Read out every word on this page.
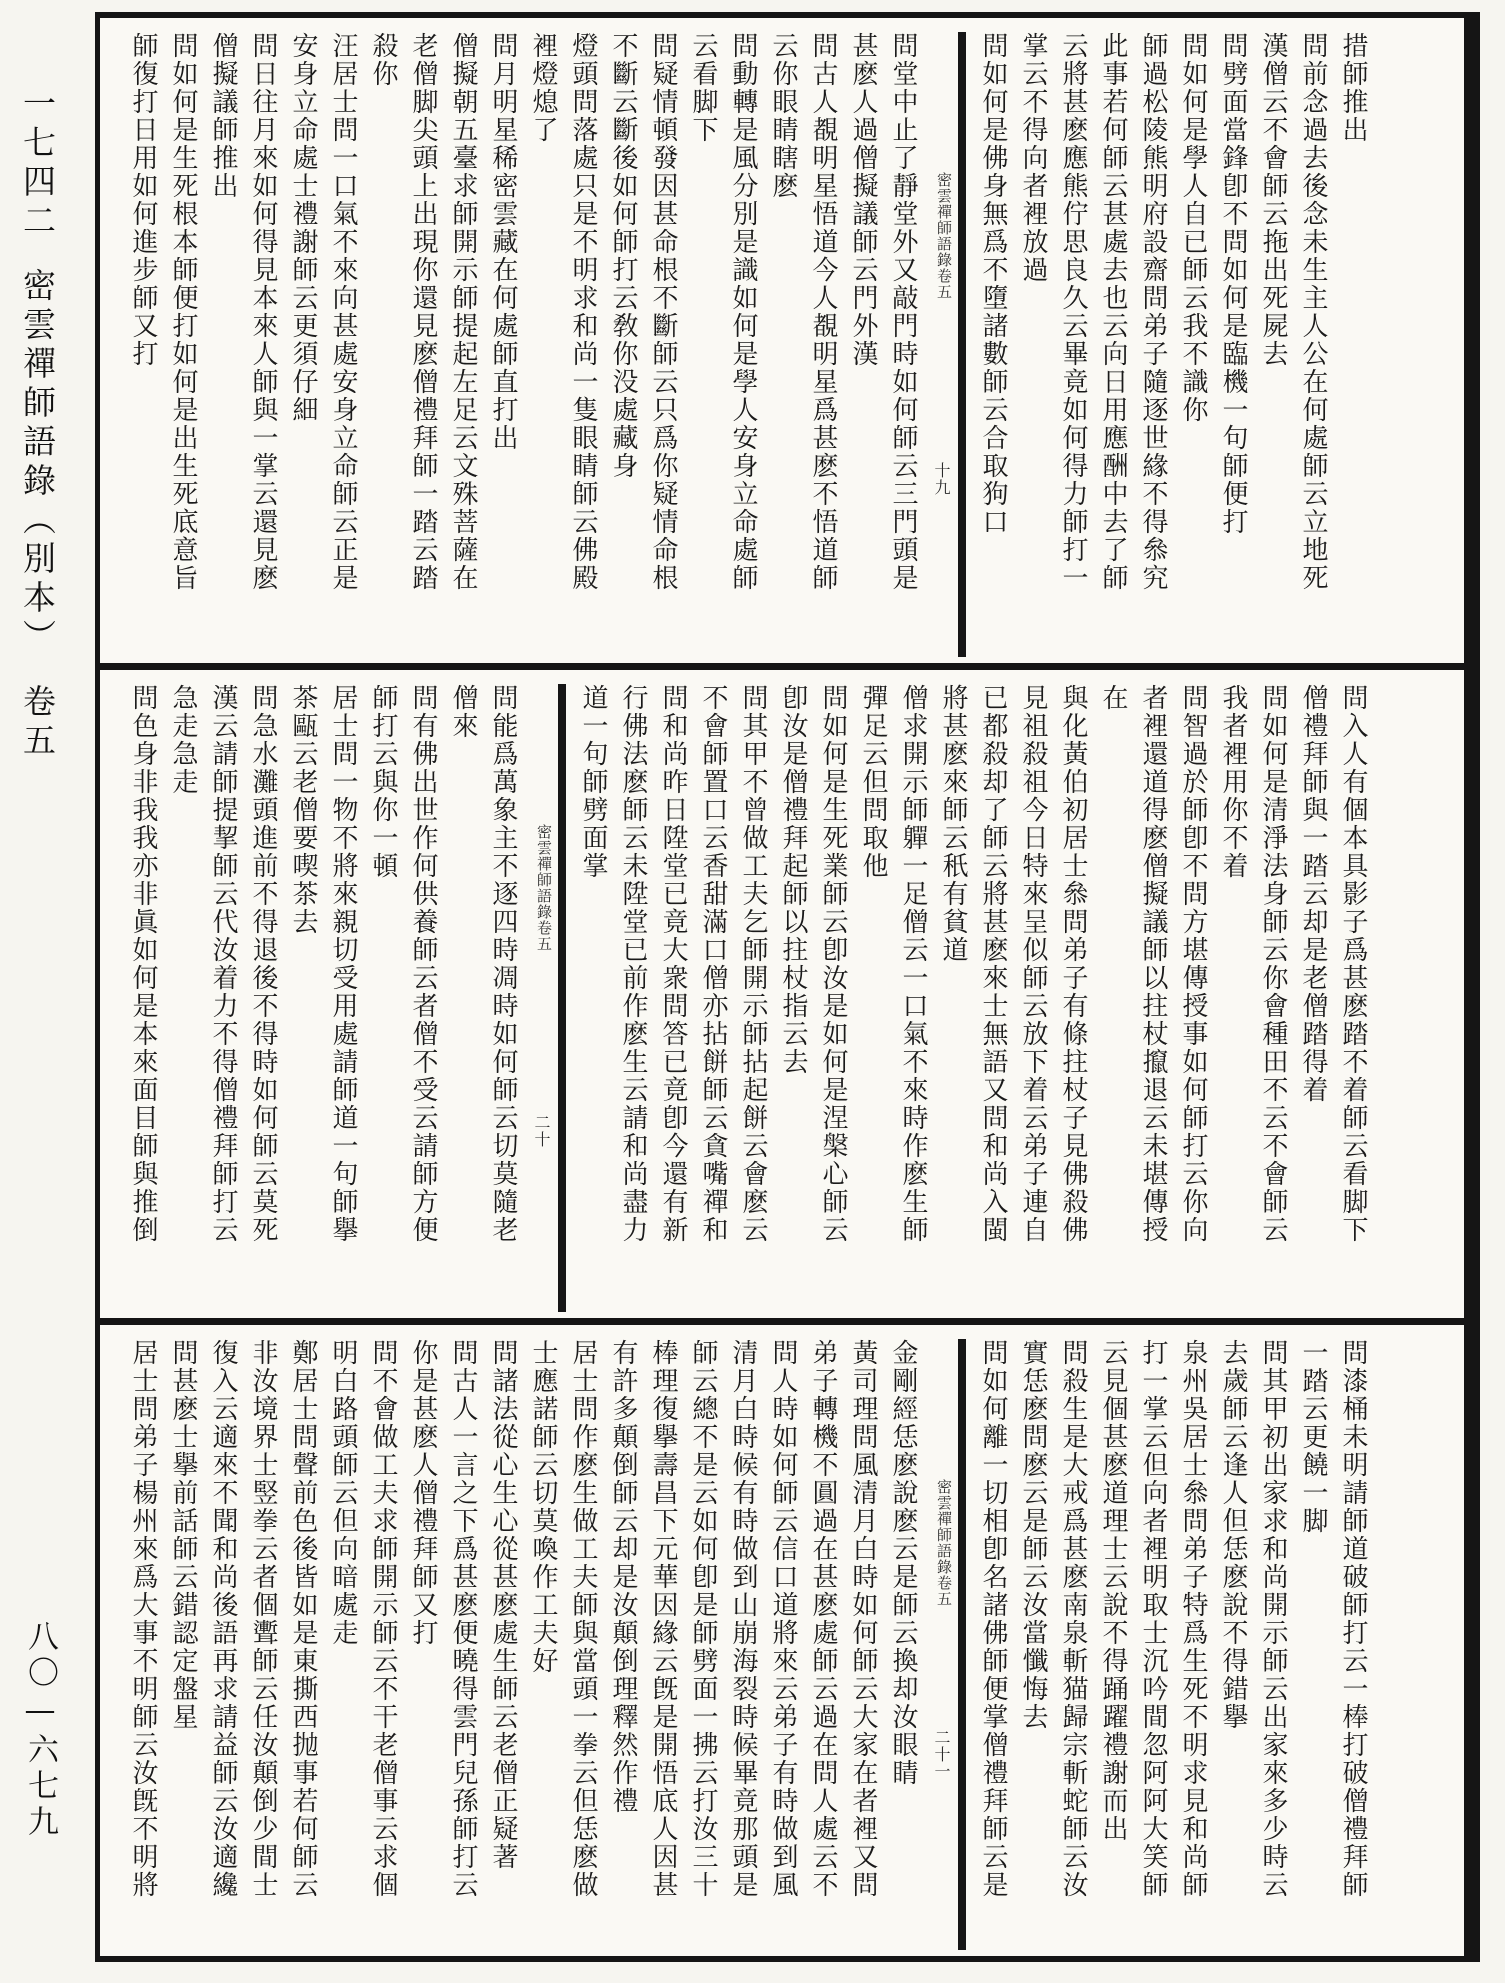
一七四二密雲禪師語錄（別本）卷五
八〇—六七九
措師推出
問前念過去後念未生主人公在何處師云立地死
漢僧云不會師云拖出死屍去
問劈面當鋒卽不問如何是臨機一句師便打
問如何是學人自已師云我不識你
師過松陵熊明府設齋問弟子隨逐世緣不得叅究
此事若何師云甚處去也云向日用應酬中去了師
云將甚麽應熊佇思良久云畢竟如何得力師打一
掌云不得向者裡放過
問如何是佛身無爲不墮諸數師云合取狗口
密雲禪師語錄卷五
十九
問堂中止了靜堂外又敲門時如何師云三門頭是
甚麽人過僧擬議師云門外漢
問古人覩明星悟道今人覩明星爲甚麽不悟道師
云你眼睛瞎麽
問動轉是風分別是識如何是學人安身立命處師
云看脚下
問疑情頓發因甚命根不斷師云只爲你疑情命根
不斷云斷後如何師打云敎你没處藏身
燈頭問落處只是不明求和尚一隻眼睛師云佛殿
裡燈熄了
問月明星稀密雲藏在何處師直打出
僧擬朝五臺求師開示師提起左足云文殊菩薩在
老僧脚尖頭上出現你還見麽僧禮拜師一踏云踏
殺你
汪居士問一口氣不來向甚處安身立命師云正是
安身立命處士禮謝師云更須仔細
問日往月來如何得見本來人師與一掌云還見麽
僧擬議師推出
問如何是生死根本師便打如何是出生死底意旨
師復打日用如何進步師又打
問入人有個本具影子爲甚麽踏不着師云看脚下
僧禮拜師與一踏云却是老僧踏得着
問如何是清淨法身師云你會種田不云不會師云
我者裡用你不着
問智過於師卽不問方堪傳授事如何師打云你向
者裡還道得麽僧擬議師以拄杖攛退云未堪傳授
在
與化黃伯初居士叅問弟子有條拄杖子見佛殺佛
見祖殺祖今日特來呈似師云放下着云弟子連自
已都殺却了師云將甚麽來士無語又問和尚入閩
將甚麽來師云秖有貧道
僧求開示師軃一足僧云一口氣不來時作麽生師
彈足云但問取他
問如何是生死業師云卽汝是如何是涅槃心師云
卽汝是僧禮拜起師以拄杖指云去
問其甲不曾做工夫乞師開示師拈起餅云會麽云
不會師置口云香甜滿口僧亦拈餅師云貪嘴禪和
問和尚昨日陞堂已竟大衆問答已竟卽今還有新
行佛法麽師云未陞堂已前作麽生云請和尚盡力
道一句師劈面掌
密雲禪師語錄卷五
二十
問能爲萬象主不逐四時凋時如何師云切莫隨老
僧來
問有佛出世作何供養師云者僧不受云請師方便
師打云與你一頓
居士問一物不將來親切受用處請師道一句師擧
茶甌云老僧要喫茶去
問急水灘頭進前不得退後不得時如何師云莫死
漢云請師提挈師云代汝着力不得僧禮拜師打云
急走急走
問色身非我我亦非眞如何是本來面目師與推倒
問漆桶未明請師道破師打云一棒打破僧禮拜師
一踏云更饒一脚
問其甲初出家求和尚開示師云出家來多少時云
去歲師云逢人但恁麽說不得錯擧
泉州吳居士叅問弟子特爲生死不明求見和尚師
打一掌云但向者裡明取士沉吟間忽阿阿大笑師
云見個甚麽道理士云說不得踊躍禮謝而出
問殺生是大戒爲甚麽南泉斬猫歸宗斬蛇師云汝
實恁麽問麽云是師云汝當懺悔去
問如何離一切相卽名諸佛師便掌僧禮拜師云是
密雲禪師語錄卷五
二十一
金剛經恁麽說麽云是師云換却汝眼睛
黃司理問風清月白時如何師云大家在者裡又問
弟子轉機不圓過在甚麽處師云過在問人處云不
問人時如何師云信口道將來云弟子有時做到風
清月白時候有時做到山崩海裂時候畢竟那頭是
師云總不是云如何卽是師劈面一拂云打汝三十
棒理復擧壽昌下元華因緣云旣是開悟底人因甚
有許多顛倒師云却是汝顛倒理釋然作禮
居士問作麽生做工夫師與當頭一拳云但恁麽做
士應諾師云切莫喚作工夫好
問諸法從心生心從甚麽處生師云老僧正疑著
問古人一言之下爲甚麽便曉得雲門兒孫師打云
你是甚麽人僧禮拜師又打
問不會做工夫求師開示師云不干老僧事云求個
明白路頭師云但向暗處走
鄭居士問聲前色後皆如是東撕西抛事若何師云
非汝境界士竪拳云者個聻師云任汝顛倒少間士
復入云適來不聞和尚後語再求請益師云汝適纔
問甚麽士擧前話師云錯認定盤星
居士問弟子楊州來爲大事不明師云汝旣不明將
